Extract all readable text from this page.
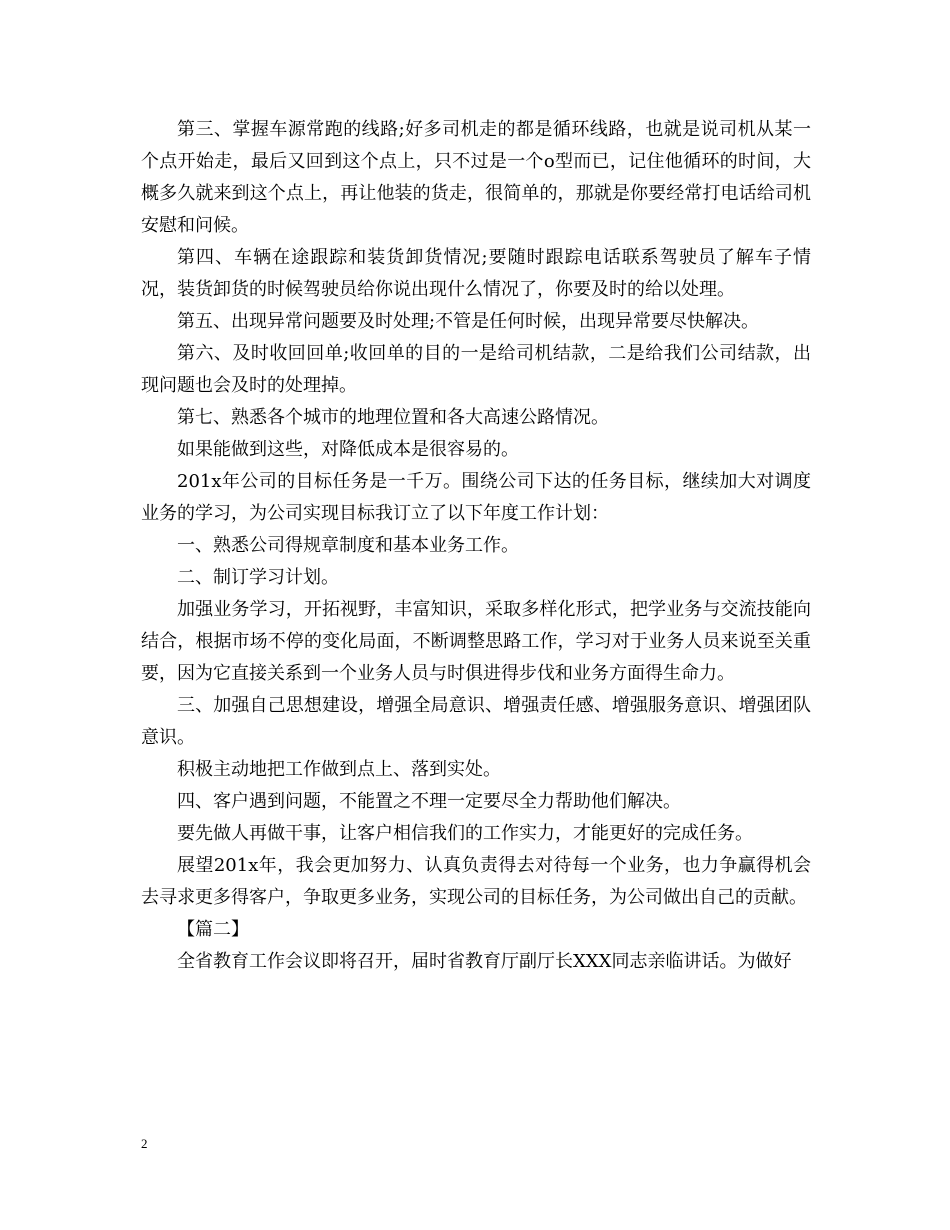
第三、掌握车源常跑的线路;好多司机走的都是循环线路，也就是说司机从某一个点开始走，最后又回到这个点上，只不过是一个o型而已，记住他循环的时间，大概多久就来到这个点上，再让他装的货走，很简单的，那就是你要经常打电话给司机安慰和问候。

第四、车辆在途跟踪和装货卸货情况;要随时跟踪电话联系驾驶员了解车子情况，装货卸货的时候驾驶员给你说出现什么情况了，你要及时的给以处理。

第五、出现异常问题要及时处理;不管是任何时候，出现异常要尽快解决。

第六、及时收回回单;收回单的目的一是给司机结款，二是给我们公司结款，出现问题也会及时的处理掉。

第七、熟悉各个城市的地理位置和各大高速公路情况。

如果能做到这些，对降低成本是很容易的。

201x年公司的目标任务是一千万。围绕公司下达的任务目标，继续加大对调度业务的学习，为公司实现目标我订立了以下年度工作计划：

一、熟悉公司得规章制度和基本业务工作。

二、制订学习计划。

加强业务学习，开拓视野，丰富知识，采取多样化形式，把学业务与交流技能向结合，根据市场不停的变化局面，不断调整思路工作，学习对于业务人员来说至关重要，因为它直接关系到一个业务人员与时俱进得步伐和业务方面得生命力。

三、加强自己思想建设，增强全局意识、增强责任感、增强服务意识、增强团队意识。

积极主动地把工作做到点上、落到实处。

四、客户遇到问题，不能置之不理一定要尽全力帮助他们解决。

要先做人再做干事，让客户相信我们的工作实力，才能更好的完成任务。

展望201x年，我会更加努力、认真负责得去对待每一个业务，也力争赢得机会去寻求更多得客户，争取更多业务，实现公司的目标任务，为公司做出自己的贡献。

【篇二】

全省教育工作会议即将召开，届时省教育厅副厅长XXX同志亲临讲话。为做好

2
